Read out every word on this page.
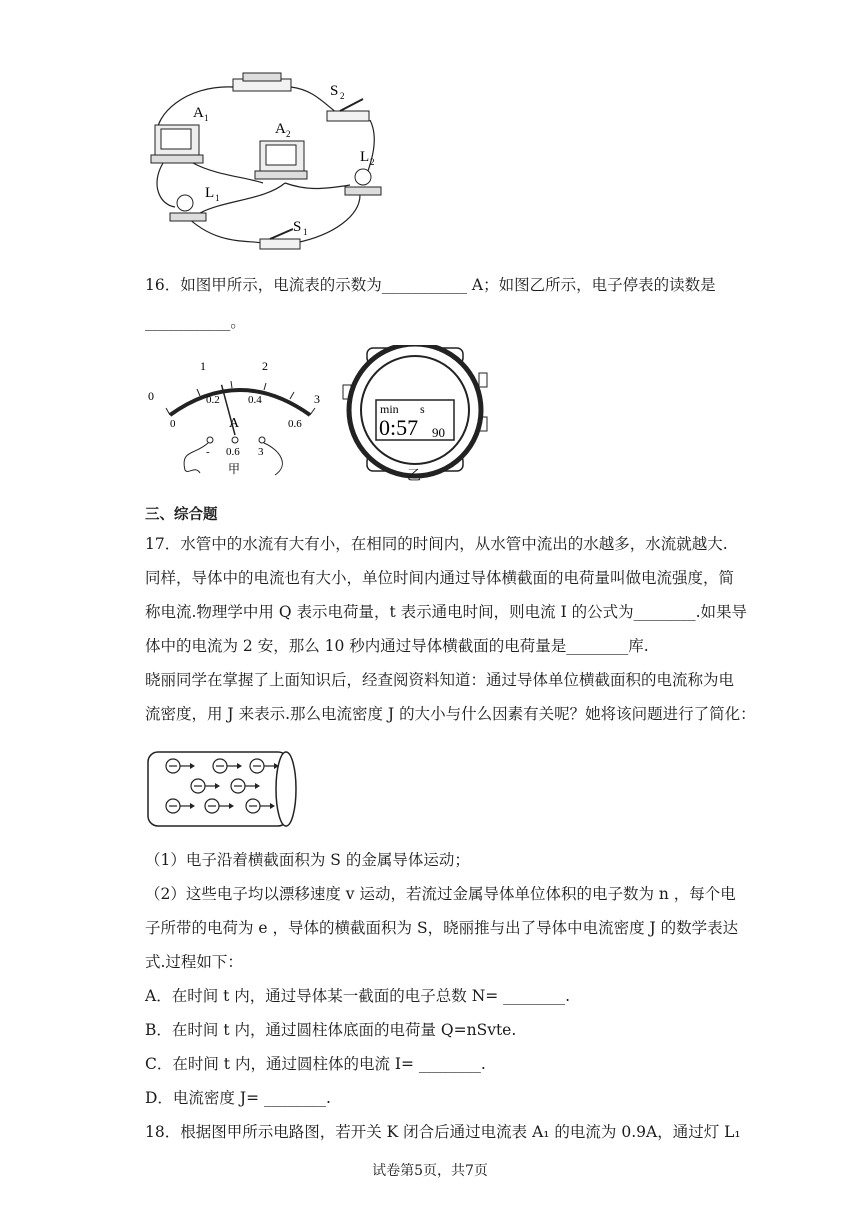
A 1
A 2
S 2
L 2
L 1
S 1
16．如图甲所示，电流表的示数为___________ A；如图乙所示，电子停表的读数是
___________。
0
1	2
3
0
0.2	0.4
0.6
A
- 0.6 3
甲
min s
0:57 90
乙
三、综合题
17．水管中的水流有大有小，在相同的时间内，从水管中流出的水越多，水流就越大.
同样，导体中的电流也有大小，单位时间内通过导体横截面的电荷量叫做电流强度，简
称电流.物理学中用 Q 表示电荷量，t 表示通电时间，则电流 I 的公式为________.如果导
体中的电流为 2 安，那么 10 秒内通过导体横截面的电荷量是________库.
晓丽同学在掌握了上面知识后，经查阅资料知道：通过导体单位横截面积的电流称为电
流密度，用 J 来表示.那么电流密度 J 的大小与什么因素有关呢？她将该问题进行了简化：
（1）电子沿着横截面积为 S 的金属导体运动；
（2）这些电子均以漂移速度 v 运动，若流过金属导体单位体积的电子数为 n ，每个电
子所带的电荷为 e ，导体的横截面积为 S，晓丽推与出了导体中电流密度 J 的数学表达
式.过程如下：
A．在时间 t 内，通过导体某一截面的电子总数 N= ________.
B．在时间 t 内，通过圆柱体底面的电荷量 Q=nSvte.
C．在时间 t 内，通过圆柱体的电流 I= ________.
D．电流密度 J= ________.
18．根据图甲所示电路图，若开关 K 闭合后通过电流表 A₁ 的电流为 0.9A，通过灯 L₁
试卷第5页，共7页
